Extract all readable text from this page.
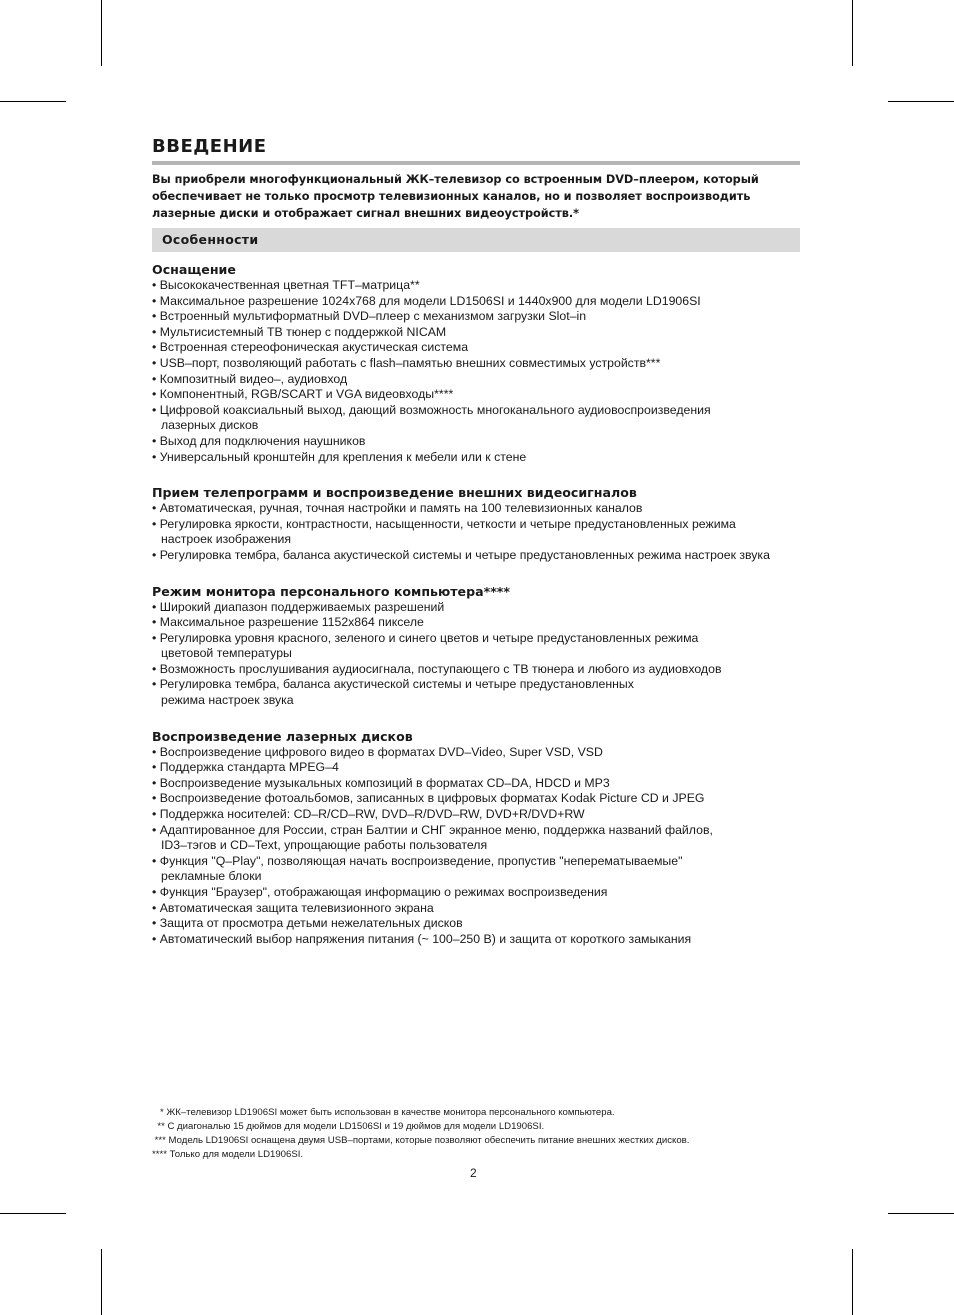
ВВЕДЕНИЕ

Вы приобрели многофункциональный ЖК–телевизор со встроенным DVD–плеером, который обеспечивает не только просмотр телевизионных каналов, но и позволяет воспроизводить лазерные диски и отображает сигнал внешних видеоустройств.*

Особенности
Оснащение
• Высококачественная цветная TFT–матрица**
• Максимальное разрешение 1024x768 для модели LD1506SI и 1440x900 для модели LD1906SI
• Встроенный мультиформатный DVD–плеер с механизмом загрузки Slot–in
• Мультисистемный ТВ тюнер с поддержкой NICAM
• Встроенная стереофоническая акустическая система
• USB–порт, позволяющий работать с flash–памятью внешних совместимых устройств***
• Композитный видео–, аудиовход
• Компонентный, RGB/SCART и VGA видеовходы****
• Цифровой коаксиальный выход, дающий возможность многоканального аудиовоспроизведения
лазерных дисков
• Выход для подключения наушников
• Универсальный кронштейн для крепления к мебели или к стене
Прием телепрограмм и воспроизведение внешних видеосигналов
• Автоматическая, ручная, точная настройки и память на 100 телевизионных каналов
• Регулировка яркости, контрастности, насыщенности, четкости и четыре предустановленных режима
настроек изображения
• Регулировка тембра, баланса акустической системы и четыре предустановленных режима настроек звука
Режим монитора персонального компьютера****
• Широкий диапазон поддерживаемых разрешений
• Максимальное разрешение 1152x864 пикселе
• Регулировка уровня красного, зеленого и синего цветов и четыре предустановленных режима
цветовой температуры
• Возможность прослушивания аудиосигнала, поступающего с ТВ тюнера и любого из аудиовходов
• Регулировка тембра, баланса акустической системы и четыре предустановленных
режима настроек звука
Воспроизведение лазерных дисков
• Воспроизведение цифрового видео в форматах DVD–Video, Super VSD, VSD
• Поддержка стандарта MPEG–4
• Воспроизведение музыкальных композиций в форматах CD–DA, HDCD и MP3
• Воспроизведение фотоальбомов, записанных в цифровых форматах Kodak Picture CD и JPEG
• Поддержка носителей: CD–R/CD–RW, DVD–R/DVD–RW, DVD+R/DVD+RW
• Адаптированное для России, стран Балтии и СНГ экранное меню, поддержка названий файлов,
ID3–тэгов и CD–Text, упрощающие работы пользователя
• Функция "Q–Play", позволяющая начать воспроизведение, пропустив "неперематываемые"
рекламные блоки
• Функция "Браузер", отображающая информацию о режимах воспроизведения
• Автоматическая защита телевизионного экрана
• Защита от просмотра детьми нежелательных дисков
• Автоматический выбор напряжения питания (~ 100–250 В) и защита от короткого замыкания
* ЖК–телевизор LD1906SI может быть использован в качестве монитора персонального компьютера.
** С диагональю 15 дюймов для модели LD1506SI и 19 дюймов для модели LD1906SI.
*** Модель LD1906SI оснащена двумя USB–портами, которые позволяют обеспечить питание внешних жестких дисков.
**** Только для модели LD1906SI.
2
